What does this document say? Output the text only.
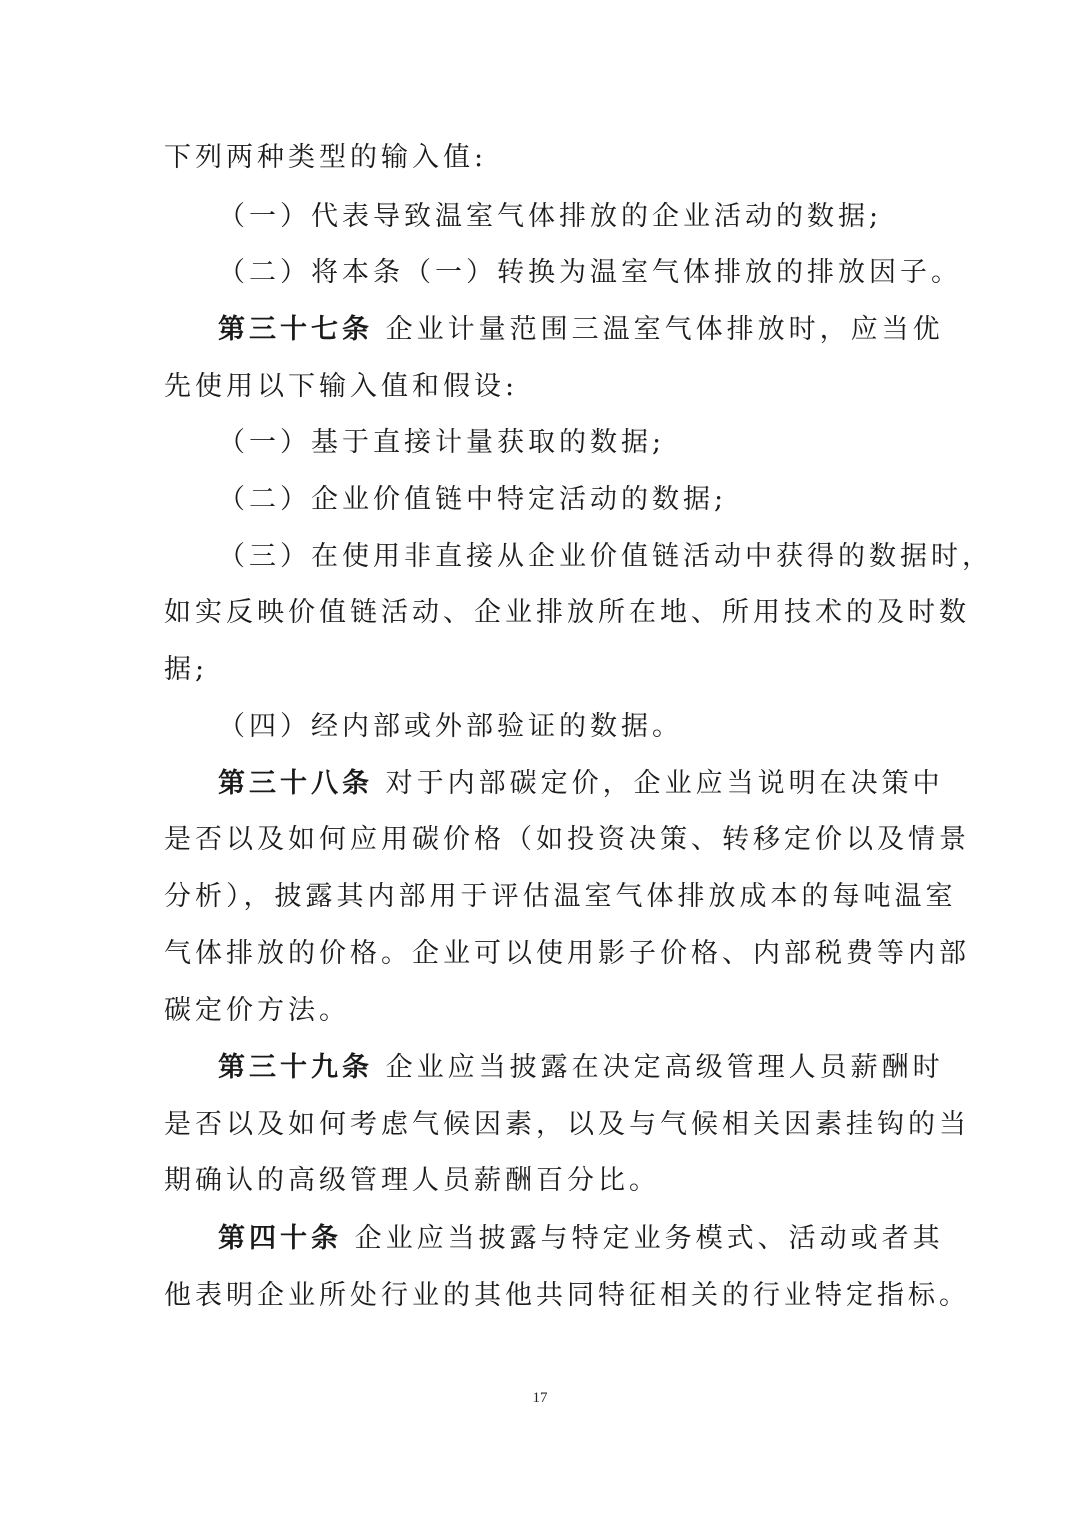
下列两种类型的输入值:
（一）代表导致温室气体排放的企业活动的数据;
（二）将本条（一）转换为温室气体排放的排放因子。
第三十七条 企业计量范围三温室气体排放时，应当优
先使用以下输入值和假设:
（一）基于直接计量获取的数据;
（二）企业价值链中特定活动的数据;
（三）在使用非直接从企业价值链活动中获得的数据时，
如实反映价值链活动、企业排放所在地、所用技术的及时数
据;
（四）经内部或外部验证的数据。
第三十八条 对于内部碳定价，企业应当说明在决策中
是否以及如何应用碳价格（如投资决策、转移定价以及情景
分析），披露其内部用于评估温室气体排放成本的每吨温室
气体排放的价格。企业可以使用影子价格、内部税费等内部
碳定价方法。
第三十九条 企业应当披露在决定高级管理人员薪酬时
是否以及如何考虑气候因素，以及与气候相关因素挂钩的当
期确认的高级管理人员薪酬百分比。
第四十条 企业应当披露与特定业务模式、活动或者其
他表明企业所处行业的其他共同特征相关的行业特定指标。
17
